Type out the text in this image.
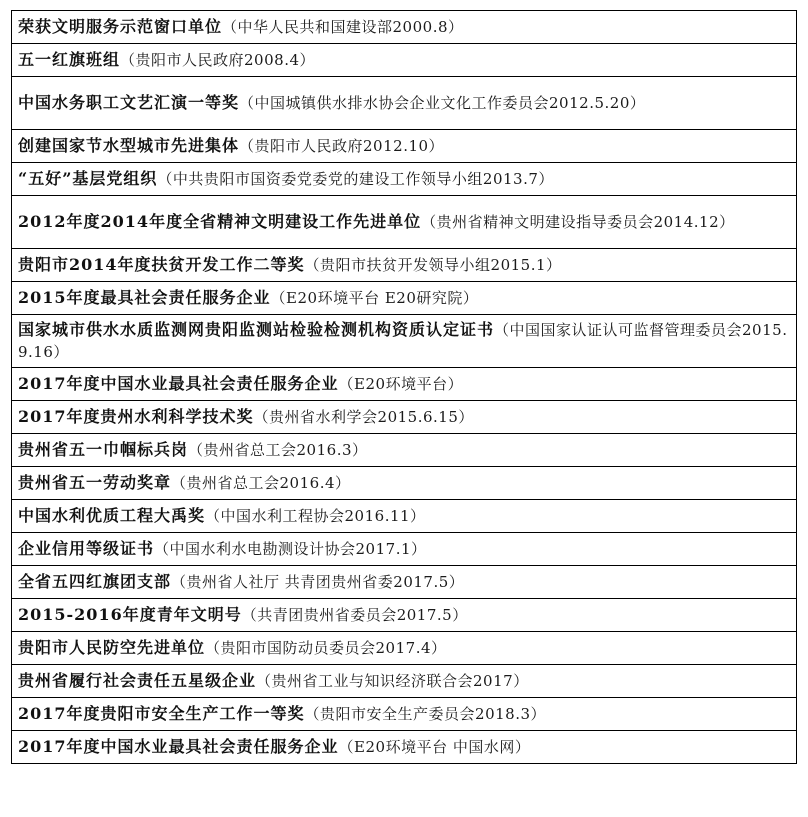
荣获文明服务示范窗口单位（中华人民共和国建设部2000.8）
五一红旗班组（贵阳市人民政府2008.4）
中国水务职工文艺汇演一等奖（中国城镇供水排水协会企业文化工作委员会2012.5.20）
创建国家节水型城市先进集体（贵阳市人民政府2012.10）
“五好”基层党组织（中共贵阳市国资委党委党的建设工作领导小组2013.7）
2012年度2014年度全省精神文明建设工作先进单位（贵州省精神文明建设指导委员会2014.12）
贵阳市2014年度扶贫开发工作二等奖（贵阳市扶贫开发领导小组2015.1）
2015年度最具社会责任服务企业（E20环境平台 E20研究院）
国家城市供水水质监测网贵阳监测站检验检测机构资质认定证书（中国国家认证认可监督管理委员会2015.9.16）
2017年度中国水业最具社会责任服务企业（E20环境平台）
2017年度贵州水利科学技术奖（贵州省水利学会2015.6.15）
贵州省五一巾帼标兵岗（贵州省总工会2016.3）
贵州省五一劳动奖章（贵州省总工会2016.4）
中国水利优质工程大禹奖（中国水利工程协会2016.11）
企业信用等级证书（中国水利水电勘测设计协会2017.1）
全省五四红旗团支部（贵州省人社厅 共青团贵州省委2017.5）
2015-2016年度青年文明号（共青团贵州省委员会2017.5）
贵阳市人民防空先进单位（贵阳市国防动员委员会2017.4）
贵州省履行社会责任五星级企业（贵州省工业与知识经济联合会2017）
2017年度贵阳市安全生产工作一等奖（贵阳市安全生产委员会2018.3）
2017年度中国水业最具社会责任服务企业（E20环境平台 中国水网）
